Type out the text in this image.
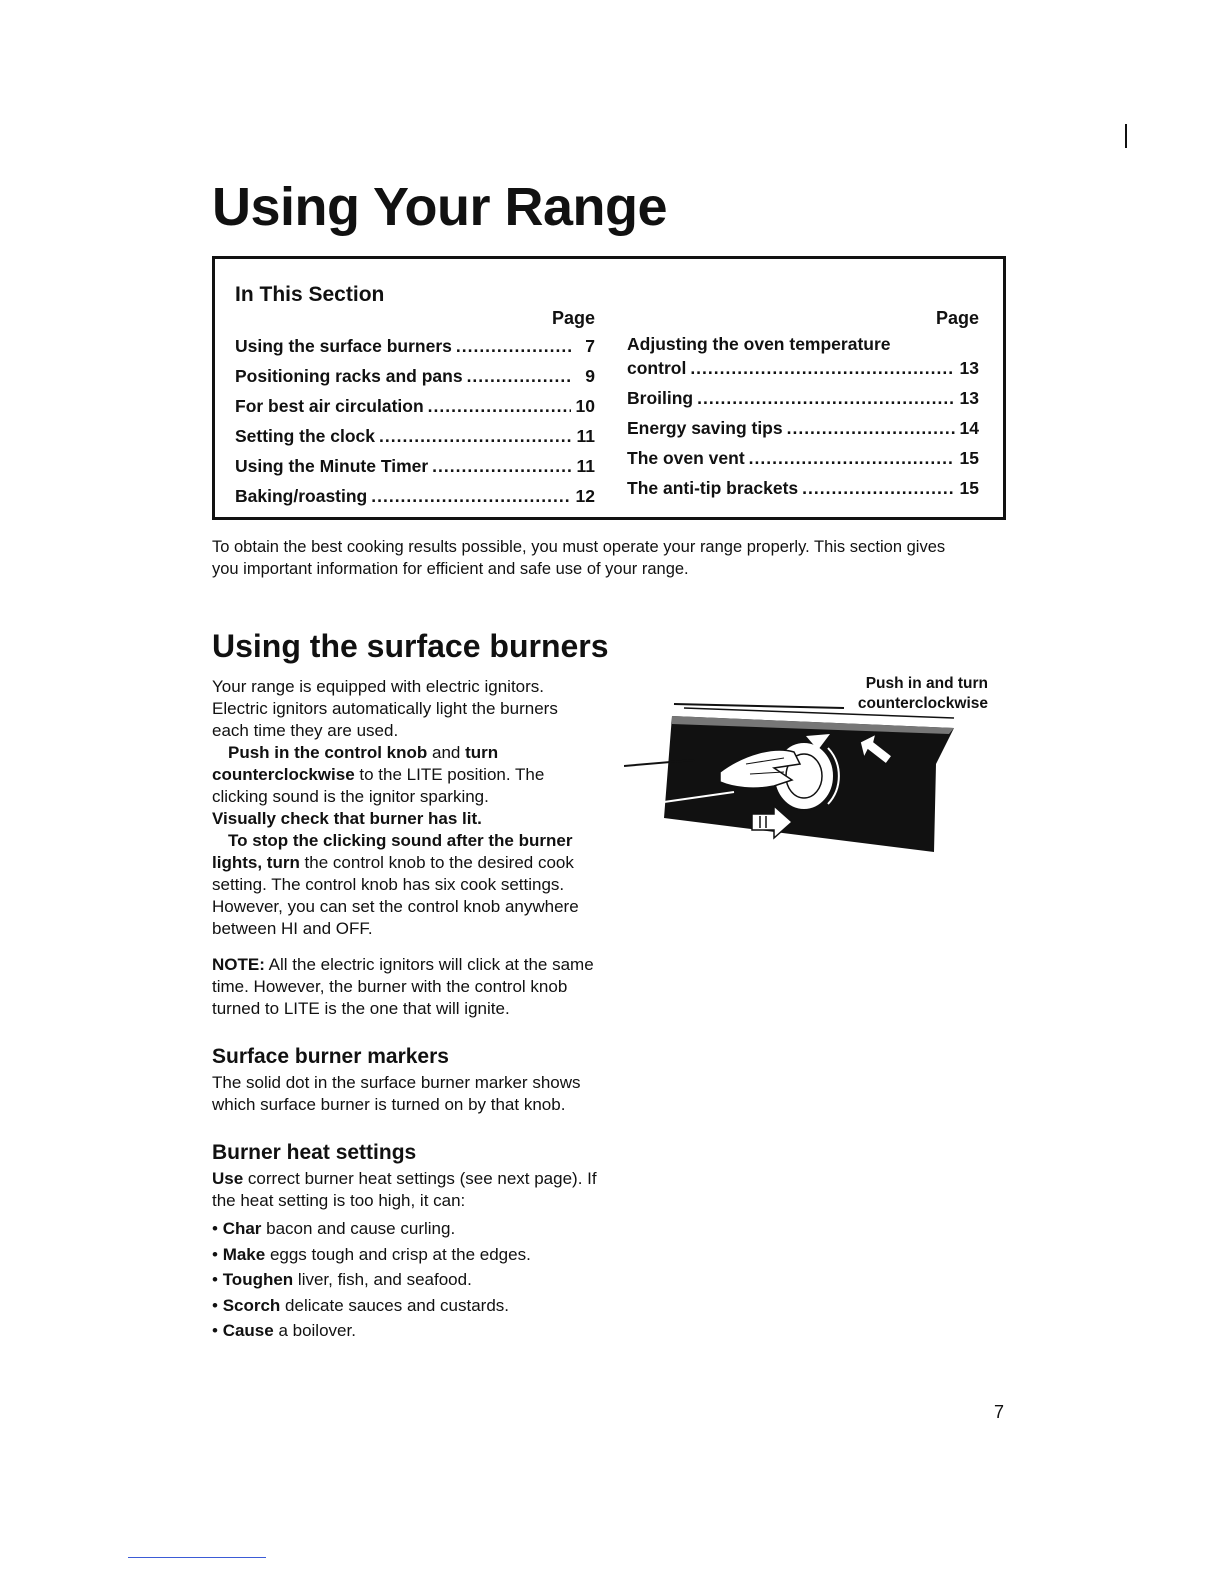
Using Your Range
In This Section
Page
Using the surface burners .....	7
Positioning racks and pans .....	9
For best air circulation .....	10
Setting the clock .....	11
Using the Minute Timer .....	11
Baking/roasting .....	12
Page
Adjusting the oven temperature
control .....	13
Broiling .....	13
Energy saving tips .....	14
The oven vent .....	15
The anti-tip brackets .....	15

To obtain the best cooking results possible, you must operate your range properly. This section gives you important information for efficient and safe use of your range.

Using the surface burners

Your range is equipped with electric ignitors. Electric ignitors automatically light the burners each time they are used.

Push in the control knob and turn counterclockwise to the LITE position. The clicking sound is the ignitor sparking.

Visually check that burner has lit.

To stop the clicking sound after the burner lights, turn the control knob to the desired cook setting. The control knob has six cook settings. However, you can set the control knob anywhere between HI and OFF.

NOTE: All the electric ignitors will click at the same time. However, the burner with the control knob turned to LITE is the one that will ignite.

Surface burner markers

The solid dot in the surface burner marker shows which surface burner is turned on by that knob.

Burner heat settings

Use correct burner heat settings (see next page). If the heat setting is too high, it can:

• Char bacon and cause curling.
• Make eggs tough and crisp at the edges.
• Toughen liver, fish, and seafood.
• Scorch delicate sauces and custards.
• Cause a boilover.
Push in and turn
counterclockwise
7
